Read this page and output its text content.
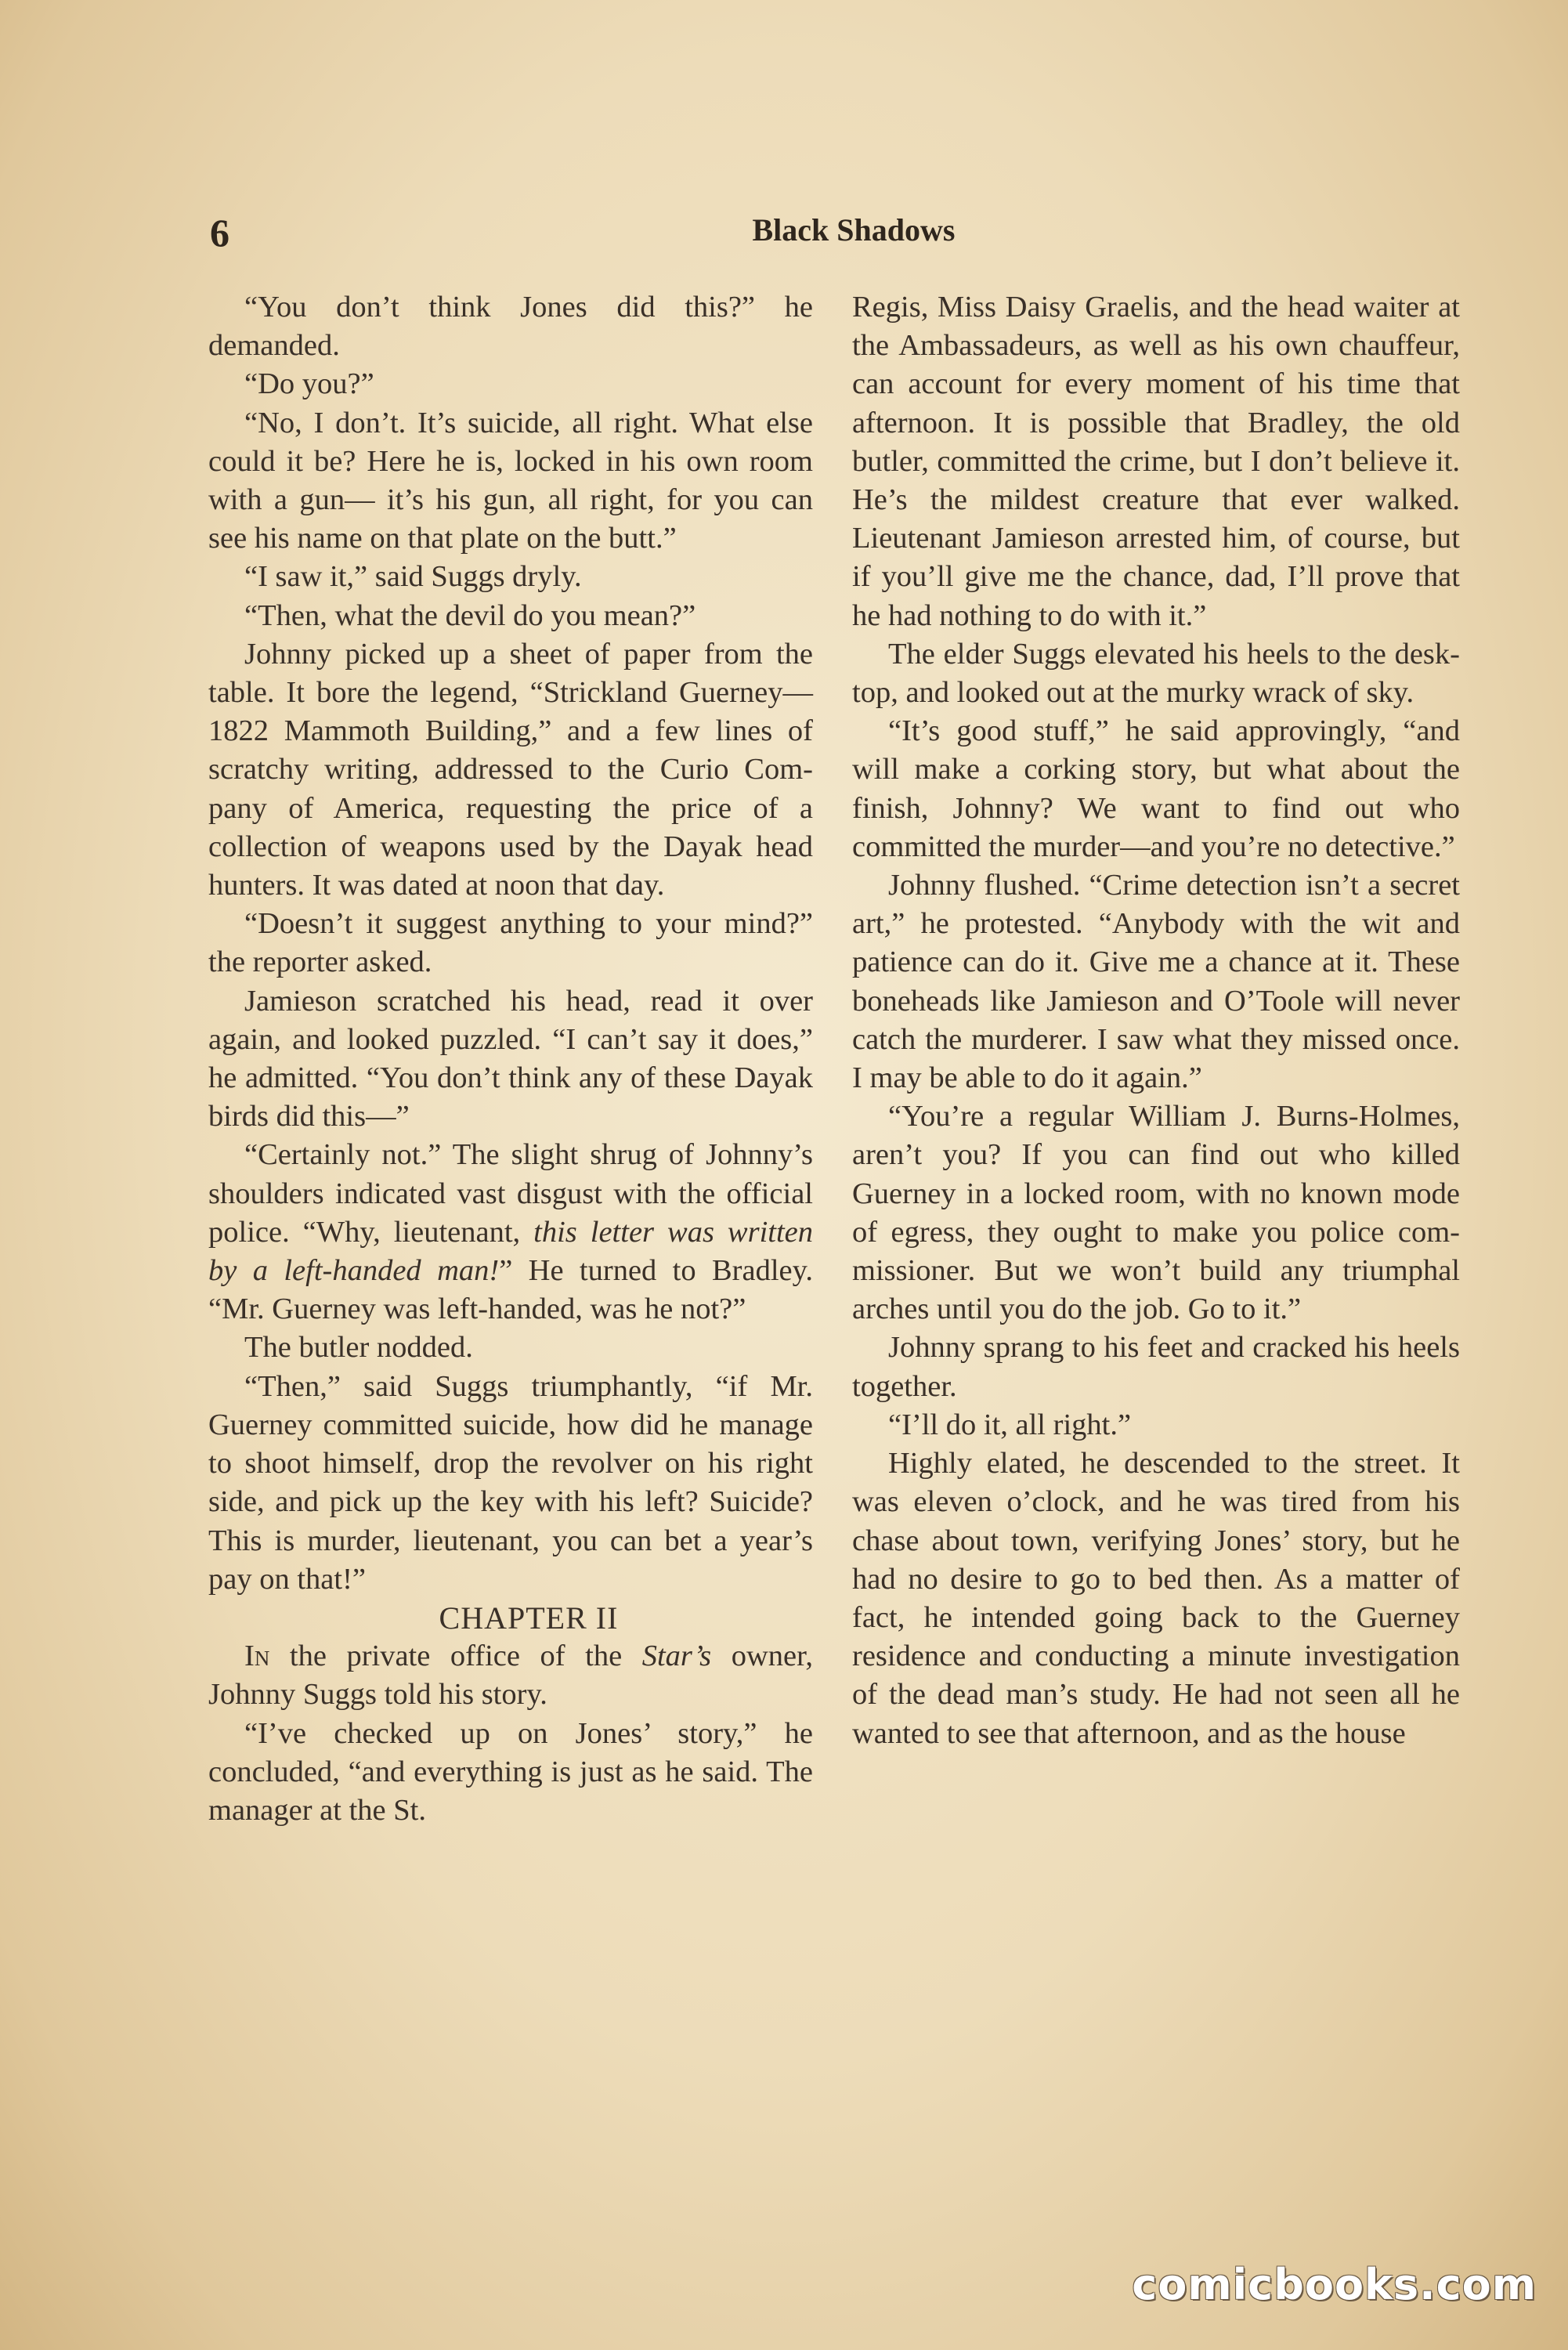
6	Black Shadows

“You don’t think Jones did this?” he demanded.

“Do you?”

“No, I don’t. It’s suicide, all right. What else could it be? Here he is, locked in his own room with a gun— it’s his gun, all right, for you can see his name on that plate on the butt.”

“I saw it,” said Suggs dryly.

“Then, what the devil do you mean?”

Johnny picked up a sheet of paper from the table. It bore the legend, “Strickland Guerney—1822 Mammoth Building,” and a few lines of scratchy writing, addressed to the Curio Company of America, requesting the price of a collection of weapons used by the Dayak head hunters. It was dated at noon that day.

“Doesn’t it suggest anything to your mind?” the reporter asked.

Jamieson scratched his head, read it over again, and looked puzzled. “I can’t say it does,” he admitted. “You don’t think any of these Dayak birds did this—”

“Certainly not.” The slight shrug of Johnny’s shoulders indicated vast disgust with the official police. “Why, lieutenant, this letter was written by a left-handed man!” He turned to Bradley. “Mr. Guerney was left-handed, was he not?”

The butler nodded.

“Then,” said Suggs triumphantly, “if Mr. Guerney committed suicide, how did he manage to shoot himself, drop the revolver on his right side, and pick up the key with his left? Suicide? This is murder, lieutenant, you can bet a year’s pay on that!”

CHAPTER II

In the private office of the Star’s owner, Johnny Suggs told his story.

“I’ve checked up on Jones’ story,” he concluded, “and everything is just as he said. The manager at the St.

Regis, Miss Daisy Graelis, and the head waiter at the Ambassadeurs, as well as his own chauffeur, can account for every moment of his time that afternoon. It is possible that Bradley, the old butler, committed the crime, but I don’t believe it. He’s the mildest creature that ever walked. Lieutenant Jamieson arrested him, of course, but if you’ll give me the chance, dad, I’ll prove that he had nothing to do with it.”

The elder Suggs elevated his heels to the desk-top, and looked out at the murky wrack of sky.

“It’s good stuff,” he said approvingly, “and will make a corking story, but what about the finish, Johnny? We want to find out who committed the murder—and you’re no detective.”

Johnny flushed. “Crime detection isn’t a secret art,” he protested. “Anybody with the wit and patience can do it. Give me a chance at it. These boneheads like Jamieson and O’Toole will never catch the murderer. I saw what they missed once. I may be able to do it again.”

“You’re a regular William J. Burns-Holmes, aren’t you? If you can find out who killed Guerney in a locked room, with no known mode of egress, they ought to make you police commissioner. But we won’t build any triumphal arches until you do the job. Go to it.”

Johnny sprang to his feet and cracked his heels together.

“I’ll do it, all right.”

Highly elated, he descended to the street. It was eleven o’clock, and he was tired from his chase about town, verifying Jones’ story, but he had no desire to go to bed then. As a matter of fact, he intended going back to the Guerney residence and conducting a minute investigation of the dead man’s study. He had not seen all he wanted to see that afternoon, and as the house

comicbooks.com
